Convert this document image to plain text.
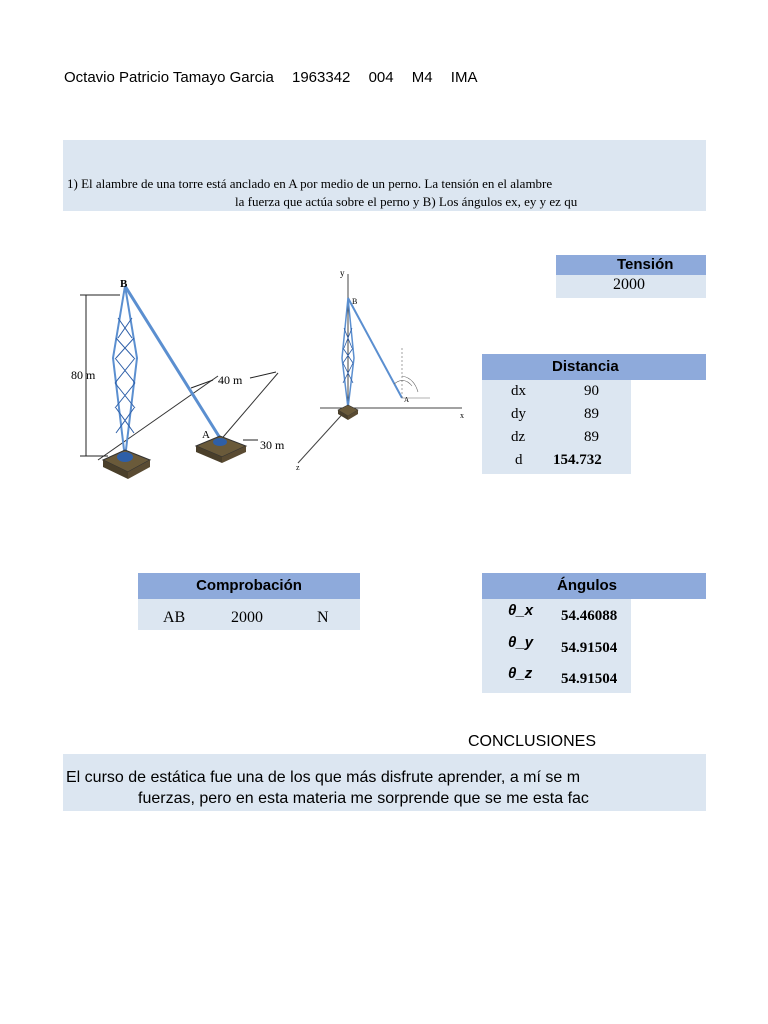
Octavio Patricio Tamayo Garcia 1963342 004 M4 IMA
1) El alambre de una torre está anclado en A por medio de un perno. La tensión en el alambre
la fuerza que actúa sobre el perno y B) Los ángulos ex, ey y ez qu
80 m	40 m
30 m
B
A
y
x
z
B
A
Tensión
2000
Distancia
dx	90
dy	89
dz	89
d 154.732
Comprobación
AB	2000	N
Ángulos
θ_x 54.46088
θ_y 54.91504
θ_z 54.91504
CONCLUSIONES
El curso de estática fue una de los que más disfrute aprender, a mí se m
fuerzas, pero en esta materia me sorprende que se me esta fac
